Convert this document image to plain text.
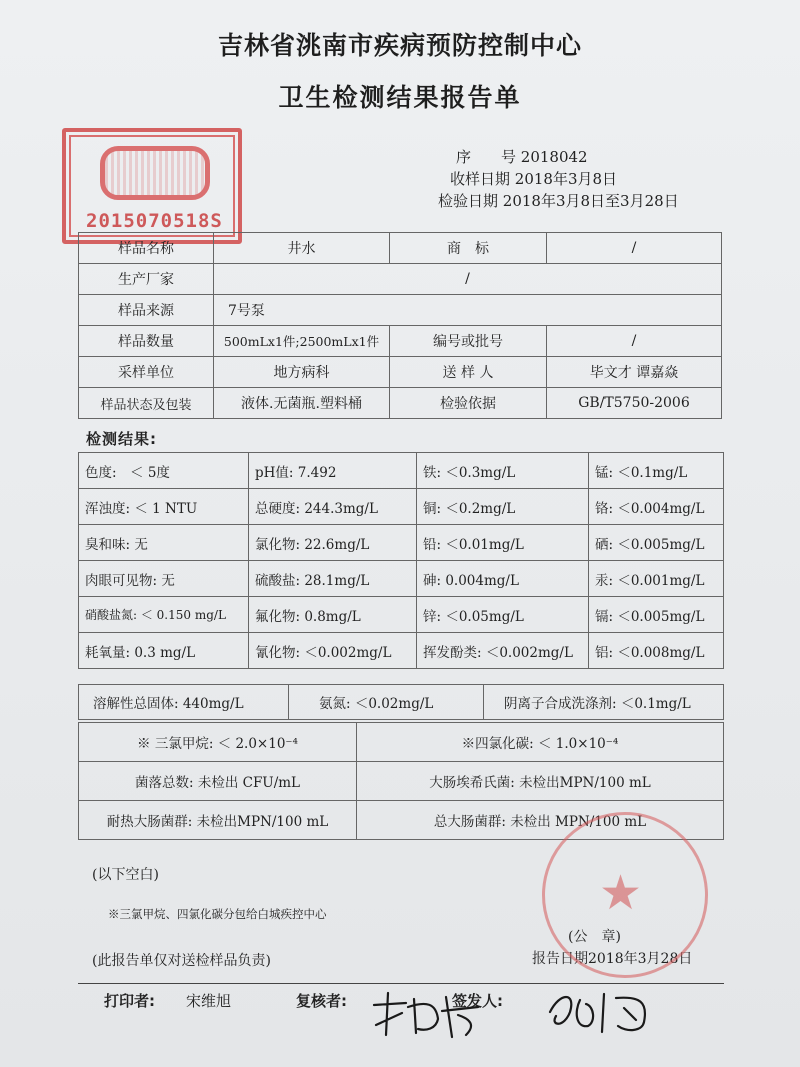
吉林省洮南市疾病预防控制中心
卫生检测结果报告单
序　　号 2018042
收样日期 2018年3月8日
检验日期 2018年3月8日至3月28日
2015070518S
样品名称	井水	商　标	/
生产厂家	/		
样品来源	7号泵		
样品数量	500mLx1件;2500mLx1件	编号或批号	/
采样单位	地方病科	送 样 人	毕文才 谭嘉焱
样品状态及包装	液体.无菌瓶.塑料桶	检验依据	GB/T5750-2006
检测结果:
色度:　＜ 5度	pH值: 7.492	铁: ＜0.3mg/L	锰: ＜0.1mg/L
浑浊度: ＜ 1 NTU	总硬度: 244.3mg/L	铜: ＜0.2mg/L	铬: ＜0.004mg/L
臭和味: 无	氯化物: 22.6mg/L	铅: ＜0.01mg/L	硒: ＜0.005mg/L
肉眼可见物: 无	硫酸盐: 28.1mg/L	砷: 0.004mg/L	汞: ＜0.001mg/L
硝酸盐氮: ＜ 0.150 mg/L	氟化物: 0.8mg/L	锌: ＜0.05mg/L	镉: ＜0.005mg/L
耗氧量: 0.3 mg/L	氰化物: ＜0.002mg/L	挥发酚类: ＜0.002mg/L	铝: ＜0.008mg/L
溶解性总固体: 440mg/L	氨氮: ＜0.02mg/L	阴离子合成洗涤剂: ＜0.1mg/L
※ 三氯甲烷: ＜ 2.0×10⁻⁴	※四氯化碳: ＜ 1.0×10⁻⁴
菌落总数: 未检出 CFU/mL	大肠埃希氏菌: 未检出MPN/100 mL
耐热大肠菌群: 未检出MPN/100 mL	总大肠菌群: 未检出 MPN/100 mL
(以下空白)
※三氯甲烷、四氯化碳分包给白城疾控中心
(公　章)
(此报告单仅对送检样品负责)	报告日期2018年3月28日
★
打印者: 宋维旭	复核者:	签发人:
